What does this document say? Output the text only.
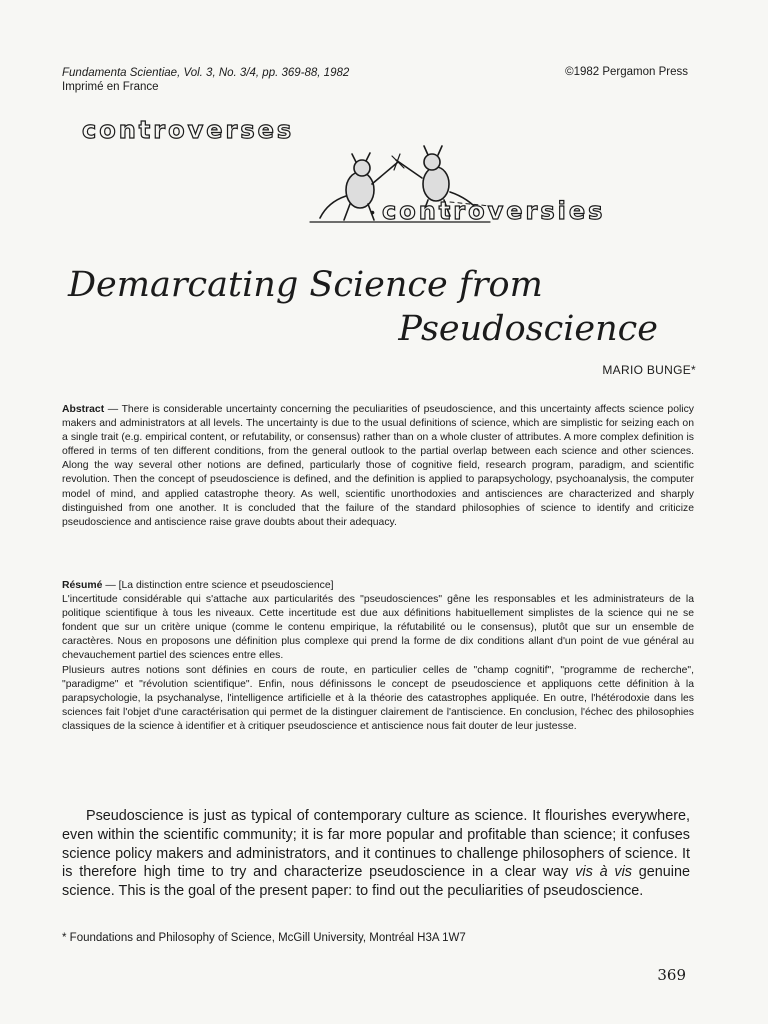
Fundamenta Scientiae, Vol. 3, No. 3/4, pp. 369-88, 1982
Imprimé en France
©1982 Pergamon Press
controverses
• controversies
Demarcating Science from
Pseudoscience
MARIO BUNGE*
Abstract — There is considerable uncertainty concerning the peculiarities of pseudoscience, and this uncertainty affects science policy makers and administrators at all levels. The uncertainty is due to the usual definitions of science, which are simplistic for seizing each on a single trait (e.g. empirical content, or refutability, or consensus) rather than on a whole cluster of attributes. A more complex definition is offered in terms of ten different conditions, from the general outlook to the partial overlap between each science and other sciences. Along the way several other notions are defined, particularly those of cognitive field, research program, paradigm, and scientific revolution. Then the concept of pseudoscience is defined, and the definition is applied to parapsychology, psychoanalysis, the computer model of mind, and applied catastrophe theory. As well, scientific unorthodoxies and antisciences are characterized and sharply distinguished from one another. It is concluded that the failure of the standard philosophies of science to identify and criticize pseudoscience and antiscience raise grave doubts about their adequacy.

Résumé — [La distinction entre science et pseudoscience]

L'incertitude considérable qui s'attache aux particularités des "pseudosciences" gêne les responsables et les administrateurs de la politique scientifique à tous les niveaux. Cette incertitude est due aux définitions habituellement simplistes de la science qui ne se fondent que sur un critère unique (comme le contenu empirique, la réfutabilité ou le consensus), plutôt que sur un ensemble de caractères. Nous en proposons une définition plus complexe qui prend la forme de dix conditions allant d'un point de vue général au chevauchement partiel des sciences entre elles.

Plusieurs autres notions sont définies en cours de route, en particulier celles de "champ cognitif", "programme de recherche", "paradigme" et "révolution scientifique". Enfin, nous définissons le concept de pseudoscience et appliquons cette définition à la parapsychologie, la psychanalyse, l'intelligence artificielle et à la théorie des catastrophes appliquée. En outre, l'hétérodoxie dans les sciences fait l'objet d'une caractérisation qui permet de la distinguer clairement de l'antiscience. En conclusion, l'échec des philosophies classiques de la science à identifier et à critiquer pseudoscience et antiscience nous fait douter de leur justesse.

Pseudoscience is just as typical of contemporary culture as science. It flourishes everywhere, even within the scientific community; it is far more popular and profitable than science; it confuses science policy makers and administrators, and it continues to challenge philosophers of science. It is therefore high time to try and characterize pseudoscience in a clear way vis à vis genuine science. This is the goal of the present paper: to find out the peculiarities of pseudoscience.

* Foundations and Philosophy of Science, McGill University, Montréal H3A 1W7
369
